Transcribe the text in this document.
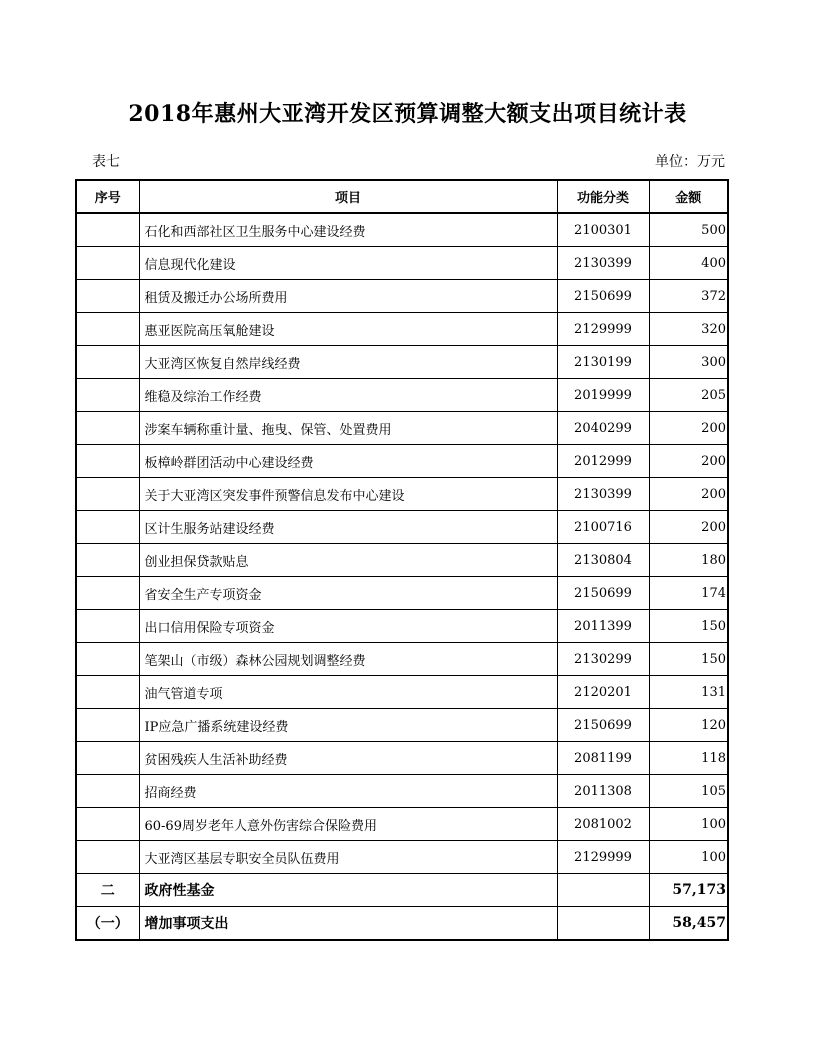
2018年惠州大亚湾开发区预算调整大额支出项目统计表
表七	单位：万元
序号	项目	功能分类	金额
	石化和西部社区卫生服务中心建设经费	2100301	500
	信息现代化建设	2130399	400
	租赁及搬迁办公场所费用	2150699	372
	惠亚医院高压氧舱建设	2129999	320
	大亚湾区恢复自然岸线经费	2130199	300
	维稳及综治工作经费	2019999	205
	涉案车辆称重计量、拖曳、保管、处置费用	2040299	200
	板樟岭群团活动中心建设经费	2012999	200
	关于大亚湾区突发事件预警信息发布中心建设	2130399	200
	区计生服务站建设经费	2100716	200
	创业担保贷款贴息	2130804	180
	省安全生产专项资金	2150699	174
	出口信用保险专项资金	2011399	150
	笔架山（市级）森林公园规划调整经费	2130299	150
	油气管道专项	2120201	131
	IP应急广播系统建设经费	2150699	120
	贫困残疾人生活补助经费	2081199	118
	招商经费	2011308	105
	60-69周岁老年人意外伤害综合保险费用	2081002	100
	大亚湾区基层专职安全员队伍费用	2129999	100
二	政府性基金		57,173
（一）	增加事项支出		58,457
